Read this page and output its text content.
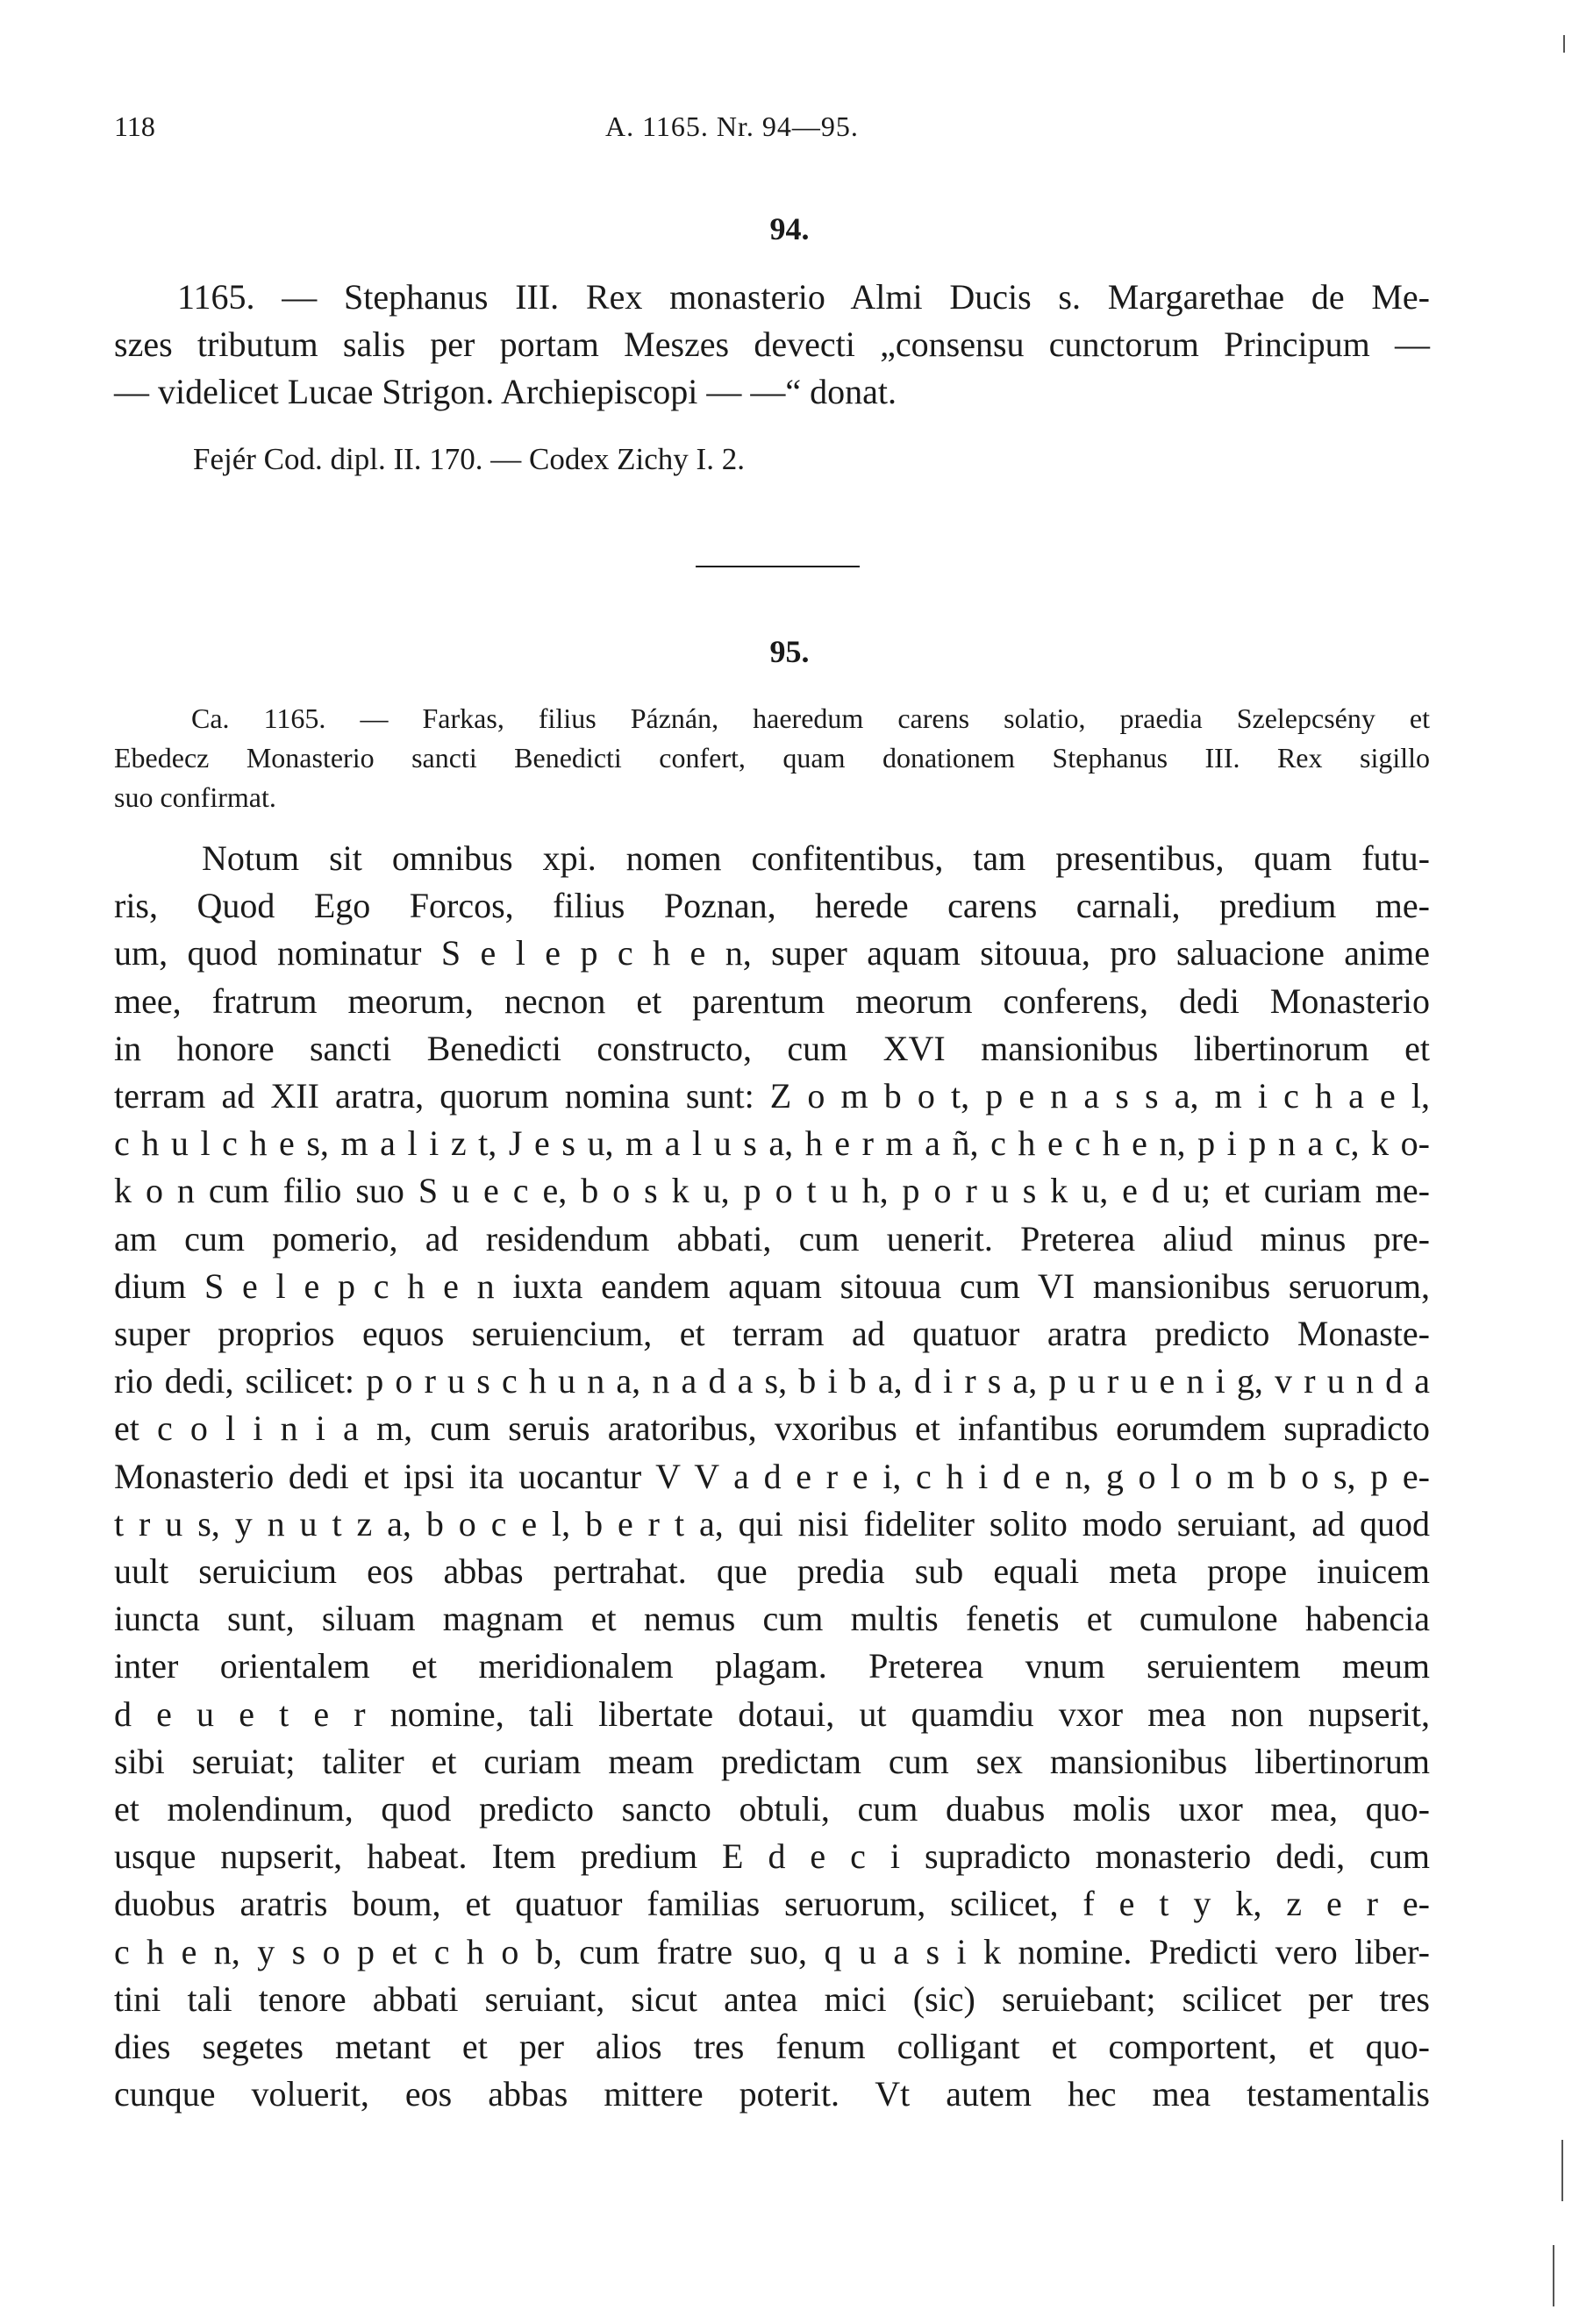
118	A. 1165. Nr. 94—95.
94.
1165. — Stephanus III. Rex monasterio Almi Ducis s. Margarethae de Me-
szes tributum salis per portam Meszes devecti „consensu cunctorum Principum —
— videlicet Lucae Strigon. Archiepiscopi — —“ donat.
Fejér Cod. dipl. II. 170. — Codex Zichy I. 2.
95.
Ca. 1165. — Farkas, filius Páznán, haeredum carens solatio, praedia Szelepcsény et
Ebedecz Monasterio sancti Benedicti confert, quam donationem Stephanus III. Rex sigillo
suo confirmat.
Notum sit omnibus xpi. nomen confitentibus, tam presentibus, quam futu-
ris, Quod Ego Forcos, filius Poznan, herede carens carnali, predium me-
um, quod nominatur S e l e p c h e n, super aquam sitouua, pro saluacione anime
mee, fratrum meorum, necnon et parentum meorum conferens, dedi Monasterio
in honore sancti Benedicti constructo, cum XVI mansionibus libertinorum et
terram ad XII aratra, quorum nomina sunt: Z o m b o t, p e n a s s a, m i c h a e l,
c h u l c h e s, m a l i z t, J e s u, m a l u s a, h e r m a ñ, c h e c h e n, p i p n a c, k o-
k o n cum filio suo S u e c e, b o s k u, p o t u h, p o r u s k u, e d u; et curiam me-
am cum pomerio, ad residendum abbati, cum uenerit. Preterea aliud minus pre-
dium S e l e p c h e n iuxta eandem aquam sitouua cum VI mansionibus seruorum,
super proprios equos seruiencium, et terram ad quatuor aratra predicto Monaste-
rio dedi, scilicet: p o r u s c h u n a, n a d a s, b i b a, d i r s a, p u r u e n i g, v r u n d a
et c o l i n i a m, cum seruis aratoribus, vxoribus et infantibus eorumdem supradicto
Monasterio dedi et ipsi ita uocantur V V a d e r e i, c h i d e n, g o l o m b o s, p e-
t r u s, y n u t z a, b o c e l, b e r t a, qui nisi fideliter solito modo seruiant, ad quod
uult seruicium eos abbas pertrahat. que predia sub equali meta prope inuicem
iuncta sunt, siluam magnam et nemus cum multis fenetis et cumulone habencia
inter orientalem et meridionalem plagam. Preterea vnum seruientem meum
d e u e t e r nomine, tali libertate dotaui, ut quamdiu vxor mea non nupserit,
sibi seruiat; taliter et curiam meam predictam cum sex mansionibus libertinorum
et molendinum, quod predicto sancto obtuli, cum duabus molis uxor mea, quo-
usque nupserit, habeat. Item predium E d e c i supradicto monasterio dedi, cum
duobus aratris boum, et quatuor familias seruorum, scilicet, f e t y k, z e r e-
c h e n, y s o p et c h o b, cum fratre suo, q u a s i k nomine. Predicti vero liber-
tini tali tenore abbati seruiant, sicut antea mici (sic) seruiebant; scilicet per tres
dies segetes metant et per alios tres fenum colligant et comportent, et quo-
cunque voluerit, eos abbas mittere poterit. Vt autem hec mea testamentalis
